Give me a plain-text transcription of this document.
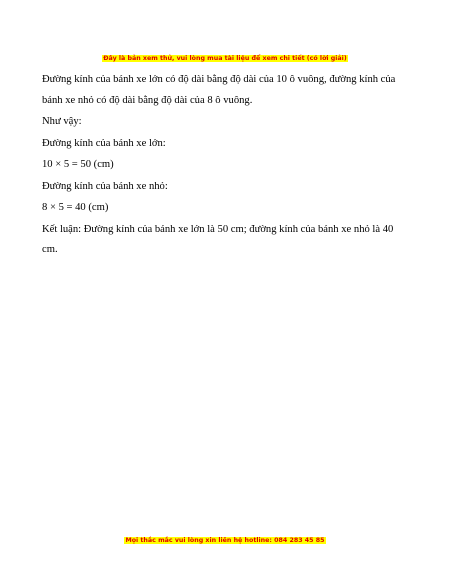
Đây là bản xem thử, vui lòng mua tài liệu để xem chi tiết (có lời giải)

Đường kính của bánh xe lớn có độ dài bằng độ dài của 10 ô vuông, đường kính của bánh xe nhỏ có độ dài bằng độ dài của 8 ô vuông.

Như vậy:

Đường kính của bánh xe lớn:

10 × 5 = 50 (cm)

Đường kính của bánh xe nhỏ:

8 × 5 = 40 (cm)

Kết luận: Đường kính của bánh xe lớn là 50 cm; đường kính của bánh xe nhỏ là 40 cm.

Mọi thắc mắc vui lòng xin liên hệ hotline: 084 283 45 85
